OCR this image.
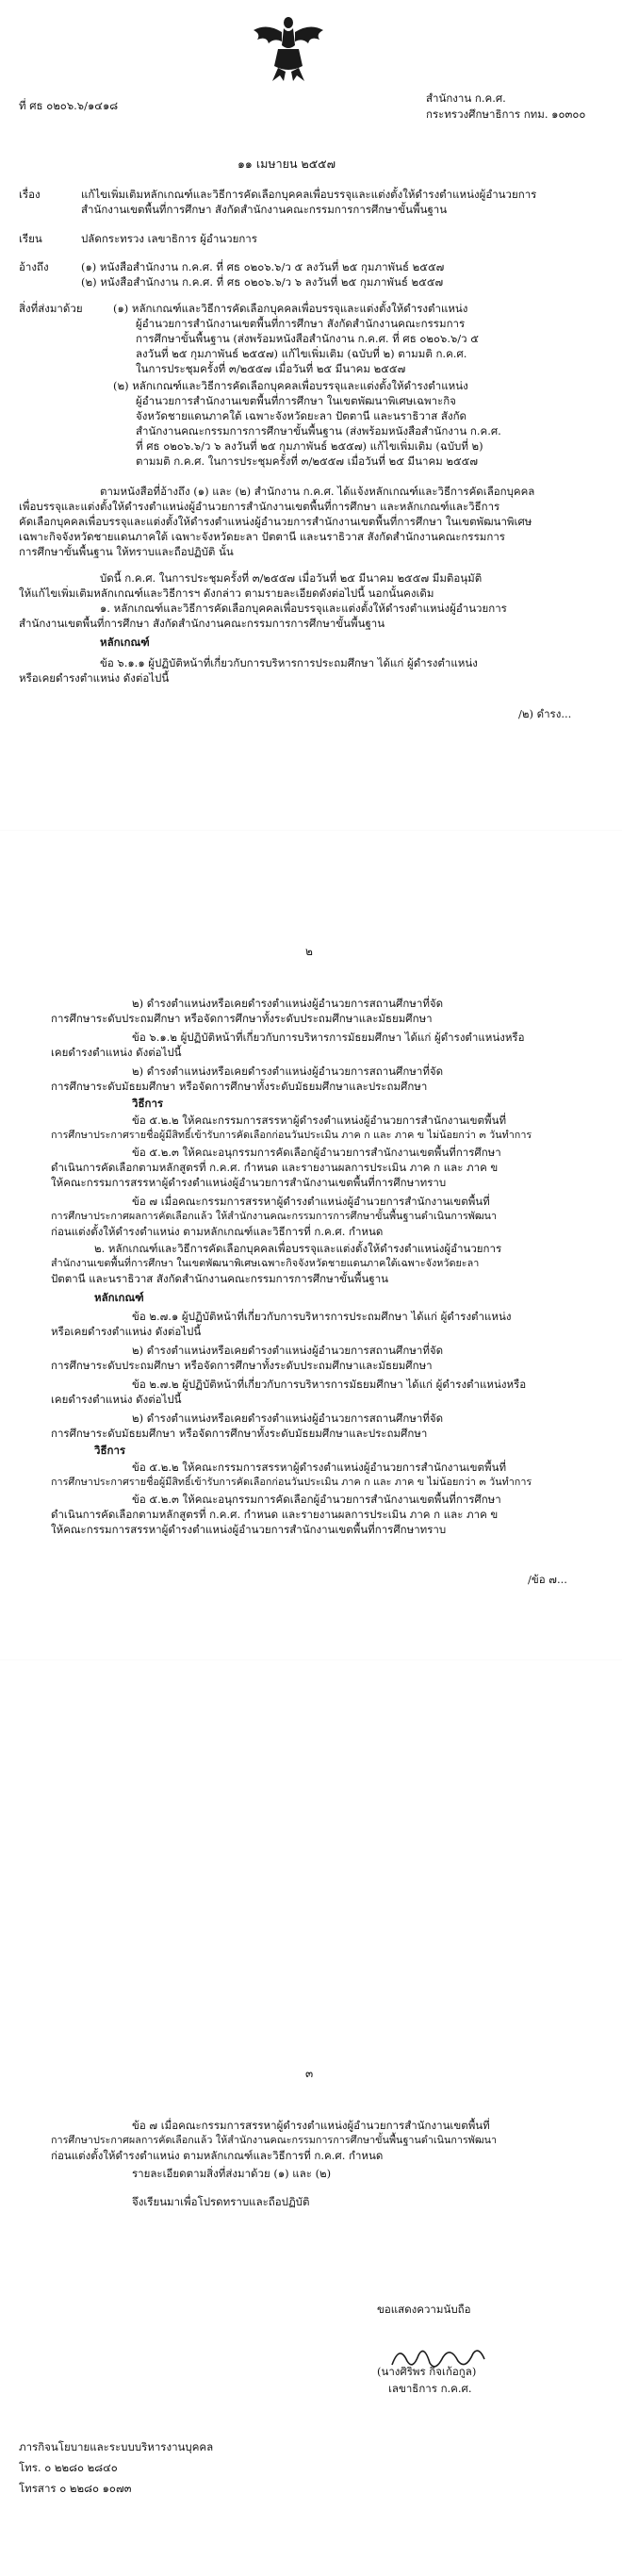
ที่ ศธ ๐๒๐๖.๖/๑๔๑๘
สำนักงาน ก.ค.ศ.
กระทรวงศึกษาธิการ กทม. ๑๐๓๐๐
๑๑ เมษายน ๒๕๕๗
เรื่อง	แก้ไขเพิ่มเติมหลักเกณฑ์และวิธีการคัดเลือกบุคคลเพื่อบรรจุและแต่งตั้งให้ดำรงตำแหน่งผู้อำนวยการ
สำนักงานเขตพื้นที่การศึกษา สังกัดสำนักงานคณะกรรมการการศึกษาขั้นพื้นฐาน
เรียน	ปลัดกระทรวง เลขาธิการ ผู้อำนวยการ
อ้างถึง	(๑) หนังสือสำนักงาน ก.ค.ศ. ที่ ศธ ๐๒๐๖.๖/ว ๕ ลงวันที่ ๒๕ กุมภาพันธ์ ๒๕๕๗
(๒) หนังสือสำนักงาน ก.ค.ศ. ที่ ศธ ๐๒๐๖.๖/ว ๖ ลงวันที่ ๒๕ กุมภาพันธ์ ๒๕๕๗
สิ่งที่ส่งมาด้วย	(๑) หลักเกณฑ์และวิธีการคัดเลือกบุคคลเพื่อบรรจุและแต่งตั้งให้ดำรงตำแหน่ง
ผู้อำนวยการสำนักงานเขตพื้นที่การศึกษา สังกัดสำนักงานคณะกรรมการ
การศึกษาขั้นพื้นฐาน (ส่งพร้อมหนังสือสำนักงาน ก.ค.ศ. ที่ ศธ ๐๒๐๖.๖/ว ๕
ลงวันที่ ๒๕ กุมภาพันธ์ ๒๕๕๗) แก้ไขเพิ่มเติม (ฉบับที่ ๒) ตามมติ ก.ค.ศ.
ในการประชุมครั้งที่ ๓/๒๕๕๗ เมื่อวันที่ ๒๕ มีนาคม ๒๕๕๗
(๒) หลักเกณฑ์และวิธีการคัดเลือกบุคคลเพื่อบรรจุและแต่งตั้งให้ดำรงตำแหน่ง
ผู้อำนวยการสำนักงานเขตพื้นที่การศึกษา ในเขตพัฒนาพิเศษเฉพาะกิจ
จังหวัดชายแดนภาคใต้ เฉพาะจังหวัดยะลา ปัตตานี และนราธิวาส สังกัด
สำนักงานคณะกรรมการการศึกษาขั้นพื้นฐาน (ส่งพร้อมหนังสือสำนักงาน ก.ค.ศ.
ที่ ศธ ๐๒๐๖.๖/ว ๖ ลงวันที่ ๒๕ กุมภาพันธ์ ๒๕๕๗) แก้ไขเพิ่มเติม (ฉบับที่ ๒)
ตามมติ ก.ค.ศ. ในการประชุมครั้งที่ ๓/๒๕๕๗ เมื่อวันที่ ๒๕ มีนาคม ๒๕๕๗
ตามหนังสือที่อ้างถึง (๑) และ (๒) สำนักงาน ก.ค.ศ. ได้แจ้งหลักเกณฑ์และวิธีการคัดเลือกบุคคล
เพื่อบรรจุและแต่งตั้งให้ดำรงตำแหน่งผู้อำนวยการสำนักงานเขตพื้นที่การศึกษา และหลักเกณฑ์และวิธีการ
คัดเลือกบุคคลเพื่อบรรจุและแต่งตั้งให้ดำรงตำแหน่งผู้อำนวยการสำนักงานเขตพื้นที่การศึกษา ในเขตพัฒนาพิเศษ
เฉพาะกิจจังหวัดชายแดนภาคใต้ เฉพาะจังหวัดยะลา ปัตตานี และนราธิวาส สังกัดสำนักงานคณะกรรมการ
การศึกษาขั้นพื้นฐาน ให้ทราบและถือปฏิบัติ นั้น
บัดนี้ ก.ค.ศ. ในการประชุมครั้งที่ ๓/๒๕๕๗ เมื่อวันที่ ๒๕ มีนาคม ๒๕๕๗ มีมติอนุมัติ
ให้แก้ไขเพิ่มเติมหลักเกณฑ์และวิธีการฯ ดังกล่าว ตามรายละเอียดดังต่อไปนี้ นอกนั้นคงเดิม
๑. หลักเกณฑ์และวิธีการคัดเลือกบุคคลเพื่อบรรจุและแต่งตั้งให้ดำรงตำแหน่งผู้อำนวยการ
สำนักงานเขตพื้นที่การศึกษา สังกัดสำนักงานคณะกรรมการการศึกษาขั้นพื้นฐาน
หลักเกณฑ์
ข้อ ๖.๑.๑ ผู้ปฏิบัติหน้าที่เกี่ยวกับการบริหารการประถมศึกษา ได้แก่ ผู้ดำรงตำแหน่ง
หรือเคยดำรงตำแหน่ง ดังต่อไปนี้
/๒) ดำรง...
๒
๒) ดำรงตำแหน่งหรือเคยดำรงตำแหน่งผู้อำนวยการสถานศึกษาที่จัด
การศึกษาระดับประถมศึกษา หรือจัดการศึกษาทั้งระดับประถมศึกษาและมัธยมศึกษา
ข้อ ๖.๑.๒ ผู้ปฏิบัติหน้าที่เกี่ยวกับการบริหารการมัธยมศึกษา ได้แก่ ผู้ดำรงตำแหน่งหรือ
เคยดำรงตำแหน่ง ดังต่อไปนี้
๒) ดำรงตำแหน่งหรือเคยดำรงตำแหน่งผู้อำนวยการสถานศึกษาที่จัด
การศึกษาระดับมัธยมศึกษา หรือจัดการศึกษาทั้งระดับมัธยมศึกษาและประถมศึกษา
วิธีการ
ข้อ ๕.๒.๒ ให้คณะกรรมการสรรหาผู้ดำรงตำแหน่งผู้อำนวยการสำนักงานเขตพื้นที่
การศึกษาประกาศรายชื่อผู้มีสิทธิ์เข้ารับการคัดเลือกก่อนวันประเมิน ภาค ก และ ภาค ข ไม่น้อยกว่า ๓ วันทำการ
ข้อ ๕.๒.๓ ให้คณะอนุกรรมการคัดเลือกผู้อำนวยการสำนักงานเขตพื้นที่การศึกษา
ดำเนินการคัดเลือกตามหลักสูตรที่ ก.ค.ศ. กำหนด และรายงานผลการประเมิน ภาค ก และ ภาค ข
ให้คณะกรรมการสรรหาผู้ดำรงตำแหน่งผู้อำนวยการสำนักงานเขตพื้นที่การศึกษาทราบ
ข้อ ๗ เมื่อคณะกรรมการสรรหาผู้ดำรงตำแหน่งผู้อำนวยการสำนักงานเขตพื้นที่
การศึกษาประกาศผลการคัดเลือกแล้ว ให้สำนักงานคณะกรรมการการศึกษาขั้นพื้นฐานดำเนินการพัฒนา
ก่อนแต่งตั้งให้ดำรงตำแหน่ง ตามหลักเกณฑ์และวิธีการที่ ก.ค.ศ. กำหนด
๒. หลักเกณฑ์และวิธีการคัดเลือกบุคคลเพื่อบรรจุและแต่งตั้งให้ดำรงตำแหน่งผู้อำนวยการ
สำนักงานเขตพื้นที่การศึกษา ในเขตพัฒนาพิเศษเฉพาะกิจจังหวัดชายแดนภาคใต้เฉพาะจังหวัดยะลา
ปัตตานี และนราธิวาส สังกัดสำนักงานคณะกรรมการการศึกษาขั้นพื้นฐาน
หลักเกณฑ์
ข้อ ๒.๗.๑ ผู้ปฏิบัติหน้าที่เกี่ยวกับการบริหารการประถมศึกษา ได้แก่ ผู้ดำรงตำแหน่ง
หรือเคยดำรงตำแหน่ง ดังต่อไปนี้
๒) ดำรงตำแหน่งหรือเคยดำรงตำแหน่งผู้อำนวยการสถานศึกษาที่จัด
การศึกษาระดับประถมศึกษา หรือจัดการศึกษาทั้งระดับประถมศึกษาและมัธยมศึกษา
ข้อ ๒.๗.๒ ผู้ปฏิบัติหน้าที่เกี่ยวกับการบริหารการมัธยมศึกษา ได้แก่ ผู้ดำรงตำแหน่งหรือ
เคยดำรงตำแหน่ง ดังต่อไปนี้
๒) ดำรงตำแหน่งหรือเคยดำรงตำแหน่งผู้อำนวยการสถานศึกษาที่จัด
การศึกษาระดับมัธยมศึกษา หรือจัดการศึกษาทั้งระดับมัธยมศึกษาและประถมศึกษา
วิธีการ
ข้อ ๕.๒.๒ ให้คณะกรรมการสรรหาผู้ดำรงตำแหน่งผู้อำนวยการสำนักงานเขตพื้นที่
การศึกษาประกาศรายชื่อผู้มีสิทธิ์เข้ารับการคัดเลือกก่อนวันประเมิน ภาค ก และ ภาค ข ไม่น้อยกว่า ๓ วันทำการ
ข้อ ๕.๒.๓ ให้คณะอนุกรรมการคัดเลือกผู้อำนวยการสำนักงานเขตพื้นที่การศึกษา
ดำเนินการคัดเลือกตามหลักสูตรที่ ก.ค.ศ. กำหนด และรายงานผลการประเมิน ภาค ก และ ภาค ข
ให้คณะกรรมการสรรหาผู้ดำรงตำแหน่งผู้อำนวยการสำนักงานเขตพื้นที่การศึกษาทราบ
/ข้อ ๗...
๓
ข้อ ๗ เมื่อคณะกรรมการสรรหาผู้ดำรงตำแหน่งผู้อำนวยการสำนักงานเขตพื้นที่
การศึกษาประกาศผลการคัดเลือกแล้ว ให้สำนักงานคณะกรรมการการศึกษาขั้นพื้นฐานดำเนินการพัฒนา
ก่อนแต่งตั้งให้ดำรงตำแหน่ง ตามหลักเกณฑ์และวิธีการที่ ก.ค.ศ. กำหนด
รายละเอียดตามสิ่งที่ส่งมาด้วย (๑) และ (๒)
จึงเรียนมาเพื่อโปรดทราบและถือปฏิบัติ
ขอแสดงความนับถือ
(นางศิริพร กิจเก้อกูล)
เลขาธิการ ก.ค.ศ.
ภารกิจนโยบายและระบบบริหารงานบุคคล
โทร. ๐ ๒๒๘๐ ๒๘๔๐
โทรสาร ๐ ๒๒๘๐ ๑๐๗๓
